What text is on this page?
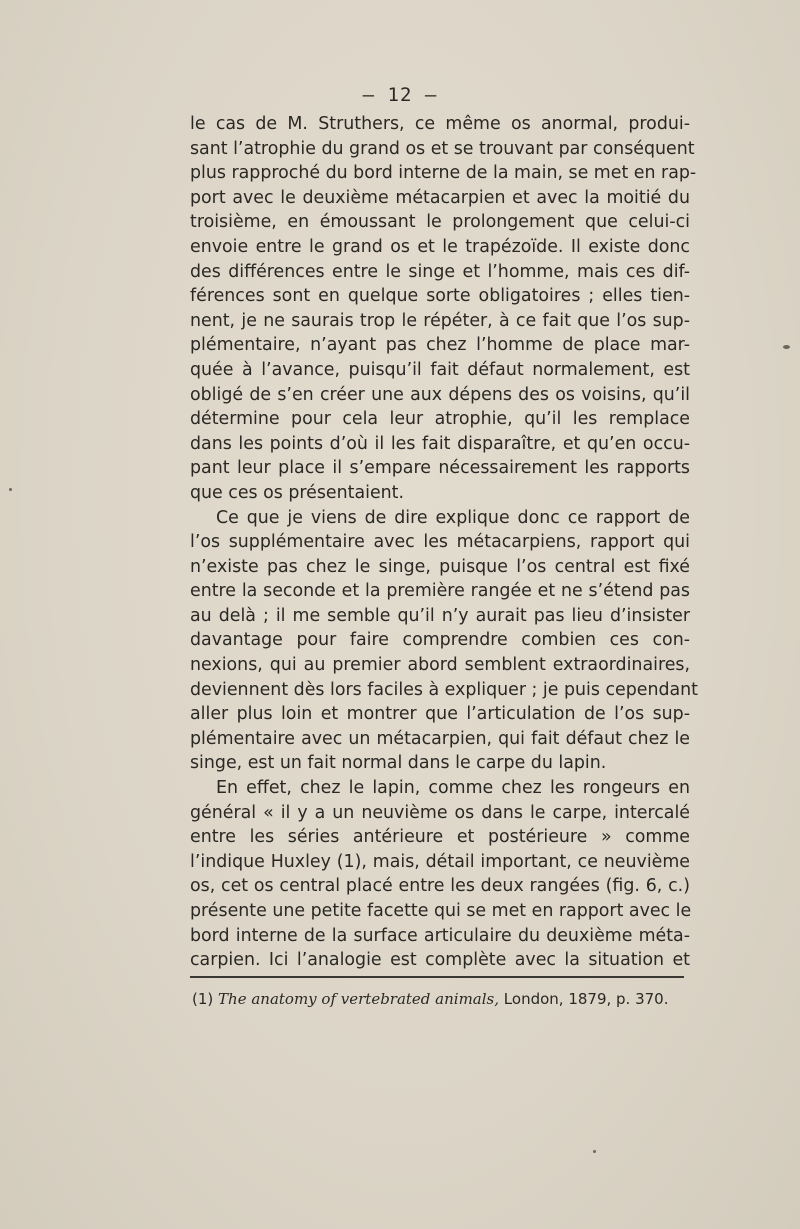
— 12 —
le cas de M. Struthers, ce même os anormal, produi-
sant l’atrophie du grand os et se trouvant par conséquent
plus rapproché du bord interne de la main, se met en rap-
port avec le deuxième métacarpien et avec la moitié du
troisième, en émoussant le prolongement que celui-ci
envoie entre le grand os et le trapézoïde. Il existe donc
des différences entre le singe et l’homme, mais ces dif-
férences sont en quelque sorte obligatoires ; elles tien-
nent, je ne saurais trop le répéter, à ce fait que l’os sup-
plémentaire, n’ayant pas chez l’homme de place mar-
quée à l’avance, puisqu’il fait défaut normalement, est
obligé de s’en créer une aux dépens des os voisins, qu’il
détermine pour cela leur atrophie, qu’il les remplace
dans les points d’où il les fait disparaître, et qu’en occu-
pant leur place il s’empare nécessairement les rapports
que ces os présentaient.
Ce que je viens de dire explique donc ce rapport de
l’os supplémentaire avec les métacarpiens, rapport qui
n’existe pas chez le singe, puisque l’os central est fixé
entre la seconde et la première rangée et ne s’étend pas
au delà ; il me semble qu’il n’y aurait pas lieu d’insister
davantage pour faire comprendre combien ces con-
nexions, qui au premier abord semblent extraordinaires,
deviennent dès lors faciles à expliquer ; je puis cependant
aller plus loin et montrer que l’articulation de l’os sup-
plémentaire avec un métacarpien, qui fait défaut chez le
singe, est un fait normal dans le carpe du lapin.
En effet, chez le lapin, comme chez les rongeurs en
général « il y a un neuvième os dans le carpe, intercalé
entre les séries antérieure et postérieure » comme
l’indique Huxley (1), mais, détail important, ce neuvième
os, cet os central placé entre les deux rangées (fig. 6, c.)
présente une petite facette qui se met en rapport avec le
bord interne de la surface articulaire du deuxième méta-
carpien. Ici l’analogie est complète avec la situation et
(1) The anatomy of vertebrated animals, London, 1879, p. 370.
